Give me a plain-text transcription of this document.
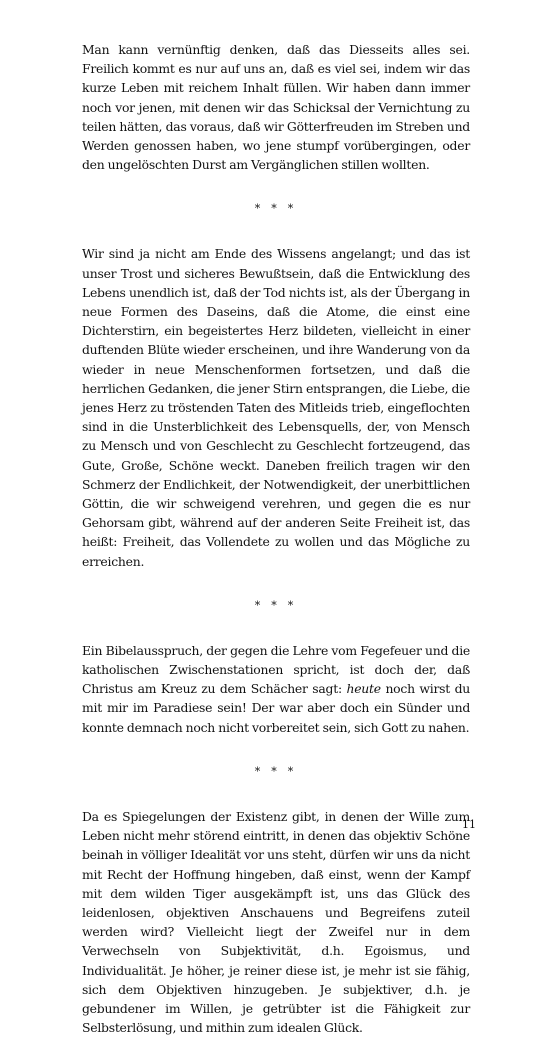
Man kann vernünftig denken, daß das Diesseits alles sei. Freilich kommt es nur auf uns an, daß es viel sei, indem wir das kurze Leben mit reichem Inhalt füllen. Wir haben dann immer noch vor jenen, mit denen wir das Schicksal der Vernichtung zu teilen hätten, das voraus, daß wir Götterfreuden im Streben und Werden genossen haben, wo jene stumpf vorübergingen, oder den ungelöschten Durst am Vergänglichen stillen wollten.

* * *

Wir sind ja nicht am Ende des Wissens angelangt; und das ist unser Trost und sicheres Bewußtsein, daß die Entwicklung des Lebens unendlich ist, daß der Tod nichts ist, als der Übergang in neue Formen des Daseins, daß die Atome, die einst eine Dichterstirn, ein begeistertes Herz bildeten, vielleicht in einer duftenden Blüte wieder erscheinen, und ihre Wanderung von da wieder in neue Menschenformen fortsetzen, und daß die herrlichen Gedanken, die jener Stirn entsprangen, die Liebe, die jenes Herz zu tröstenden Taten des Mitleids trieb, eingeflochten sind in die Unsterblichkeit des Lebensquells, der, von Mensch zu Mensch und von Geschlecht zu Geschlecht fortzeugend, das Gute, Große, Schöne weckt. Daneben freilich tragen wir den Schmerz der Endlichkeit, der Notwendigkeit, der unerbittlichen Göttin, die wir schweigend verehren, und gegen die es nur Gehorsam gibt, während auf der anderen Seite Freiheit ist, das heißt: Freiheit, das Vollendete zu wollen und das Mögliche zu erreichen.

* * *

Ein Bibelausspruch, der gegen die Lehre vom Fegefeuer und die katholischen Zwischenstationen spricht, ist doch der, daß Christus am Kreuz zu dem Schächer sagt: heute noch wirst du mit mir im Paradiese sein! Der war aber doch ein Sünder und konnte demnach noch nicht vorbereitet sein, sich Gott zu nahen.

* * *

Da es Spiegelungen der Existenz gibt, in denen der Wille zum Leben nicht mehr störend eintritt, in denen das objektiv Schöne beinah in völliger Idealität vor uns steht, dürfen wir uns da nicht mit Recht der Hoffnung hingeben, daß einst, wenn der Kampf mit dem wilden Tiger ausgekämpft ist, uns das Glück des leidenlosen, objektiven Anschauens und Begreifens zuteil werden wird? Vielleicht liegt der Zweifel nur in dem Verwechseln von Subjektivität, d.h. Egoismus, und Individualität. Je höher, je reiner diese ist, je mehr ist sie fähig, sich dem Objektiven hinzugeben. Je subjektiver, d.h. je gebundener im Willen, je getrübter ist die Fähigkeit zur Selbsterlösung, und mithin zum idealen Glück.

11
